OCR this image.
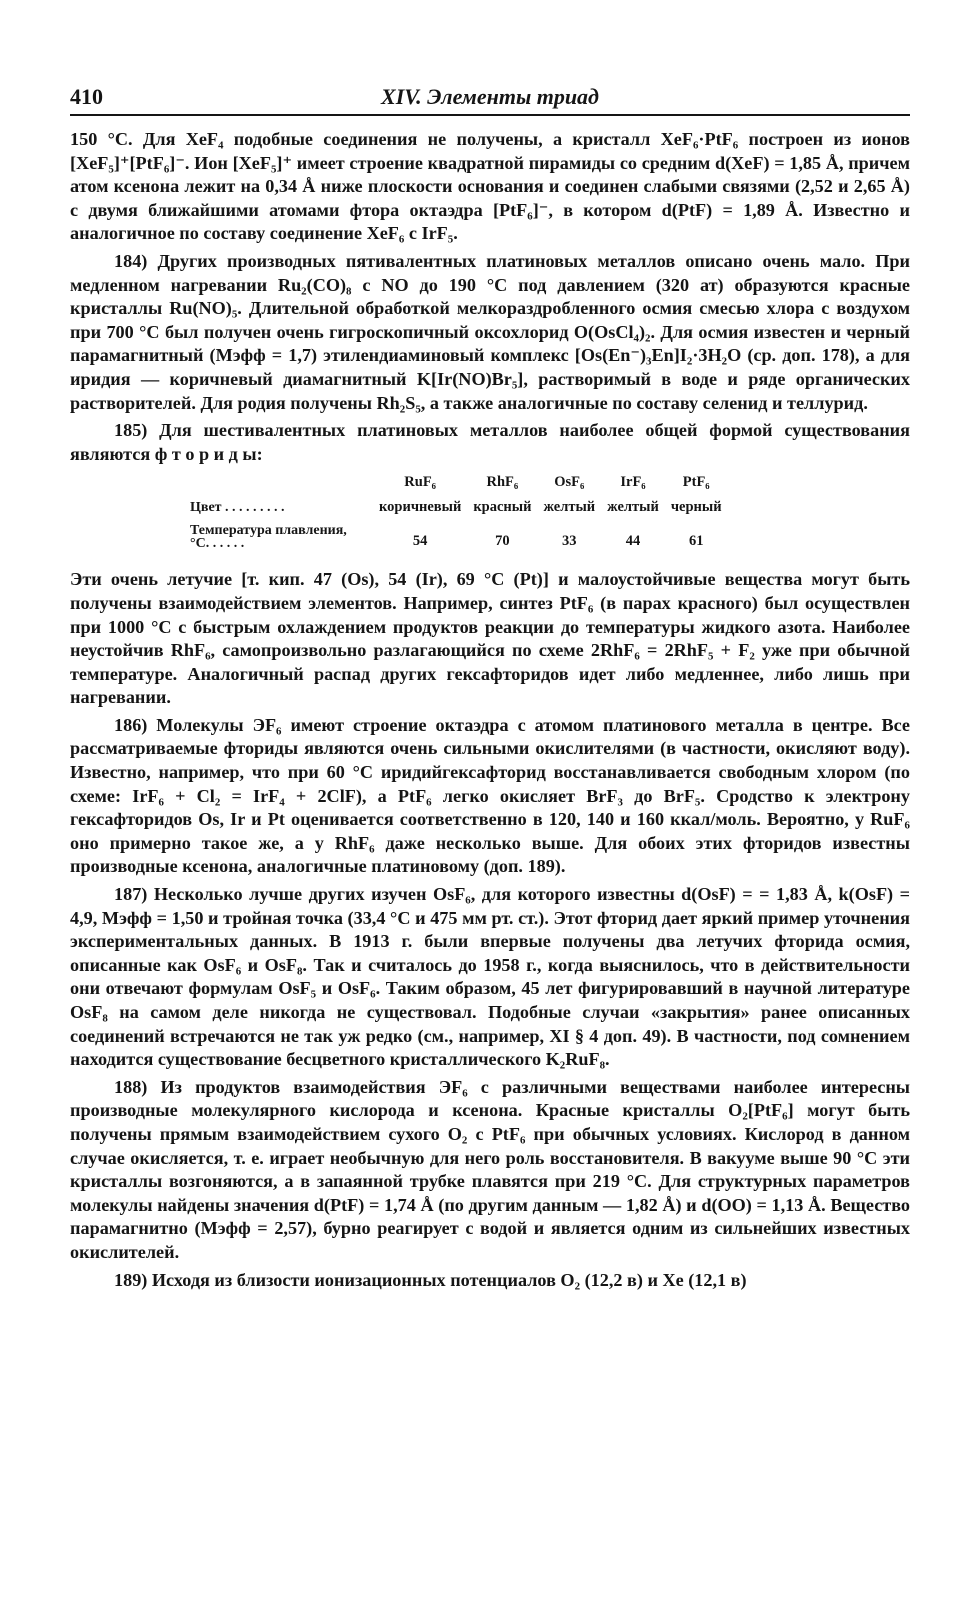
410	XIV. Элементы триад

150 °C. Для XeF₄ подобные соединения не получены, а кристалл XeF₆·PtF₆ построен из ионов [XeF₅]⁺[PtF₆]⁻. Ион [XeF₅]⁺ имеет строение квадратной пирамиды со средним d(XeF) = 1,85 Å, причем атом ксенона лежит на 0,34 Å ниже плоскости основания и соединен слабыми связями (2,52 и 2,65 Å) с двумя ближайшими атомами фтора октаэдра [PtF₆]⁻, в котором d(PtF) = 1,89 Å. Известно и аналогичное по составу соединение XeF₆ с IrF₅.

184) Других производных пятивалентных платиновых металлов описано очень мало. При медленном нагревании Ru₂(CO)₈ с NO до 190 °C под давлением (320 ат) образуются красные кристаллы Ru(NO)₅. Длительной обработкой мелкораздробленного осмия смесью хлора с воздухом при 700 °C был получен очень гигроскопичный оксохлорид O(OsCl₄)₂. Для осмия известен и черный парамагнитный (Mэфф = 1,7) этилендиаминовый комплекс [Os(En⁻)₃En]I₂·3H₂O (ср. доп. 178), а для иридия — коричневый диамагнитный K[Ir(NO)Br₅], растворимый в воде и ряде органических растворителей. Для родия получены Rh₂S₅, а также аналогичные по составу селенид и теллурид.

185) Для шестивалентных платиновых металлов наиболее общей формой существования являются ф т о р и д ы:

	RuF₆	RhF₆	OsF₆	IrF₆	PtF₆
Цвет . . . . . . . . .	коричневый	красный	желтый	желтый	черный
Температура плавления, °С. . . . . .	54	70	33	44	61

Эти очень летучие [т. кип. 47 (Os), 54 (Ir), 69 °C (Pt)] и малоустойчивые вещества могут быть получены взаимодействием элементов. Например, синтез PtF₆ (в парах красного) был осуществлен при 1000 °C с быстрым охлаждением продуктов реакции до температуры жидкого азота. Наиболее неустойчив RhF₆, самопроизвольно разлагающийся по схеме 2RhF₆ = 2RhF₅ + F₂ уже при обычной температуре. Аналогичный распад других гексафторидов идет либо медленнее, либо лишь при нагревании.

186) Молекулы ЭF₆ имеют строение октаэдра с атомом платинового металла в центре. Все рассматриваемые фториды являются очень сильными окислителями (в частности, окисляют воду). Известно, например, что при 60 °C иридийгексафторид восстанавливается свободным хлором (по схеме: IrF₆ + Cl₂ = IrF₄ + 2ClF), а PtF₆ легко окисляет BrF₃ до BrF₅. Сродство к электрону гексафторидов Os, Ir и Pt оценивается соответственно в 120, 140 и 160 ккал/моль. Вероятно, у RuF₆ оно примерно такое же, а у RhF₆ даже несколько выше. Для обоих этих фторидов известны производные ксенона, аналогичные платиновому (доп. 189).

187) Несколько лучше других изучен OsF₆, для которого известны d(OsF) = = 1,83 Å, k(OsF) = 4,9, Mэфф = 1,50 и тройная точка (33,4 °C и 475 мм рт. ст.). Этот фторид дает яркий пример уточнения экспериментальных данных. В 1913 г. были впервые получены два летучих фторида осмия, описанные как OsF₆ и OsF₈. Так и считалось до 1958 г., когда выяснилось, что в действительности они отвечают формулам OsF₅ и OsF₆. Таким образом, 45 лет фигурировавший в научной литературе OsF₈ на самом деле никогда не существовал. Подобные случаи «закрытия» ранее описанных соединений встречаются не так уж редко (см., например, XI § 4 доп. 49). В частности, под сомнением находится существование бесцветного кристаллического K₂RuF₈.

188) Из продуктов взаимодействия ЭF₆ с различными веществами наиболее интересны производные молекулярного кислорода и ксенона. Красные кристаллы O₂[PtF₆] могут быть получены прямым взаимодействием сухого O₂ с PtF₆ при обычных условиях. Кислород в данном случае окисляется, т. е. играет необычную для него роль восстановителя. В вакууме выше 90 °C эти кристаллы возгоняются, а в запаянной трубке плавятся при 219 °C. Для структурных параметров молекулы найдены значения d(PtF) = 1,74 Å (по другим данным — 1,82 Å) и d(OO) = 1,13 Å. Вещество парамагнитно (Mэфф = 2,57), бурно реагирует с водой и является одним из сильнейших известных окислителей.

189) Исходя из близости ионизационных потенциалов O₂ (12,2 в) и Xe (12,1 в)
